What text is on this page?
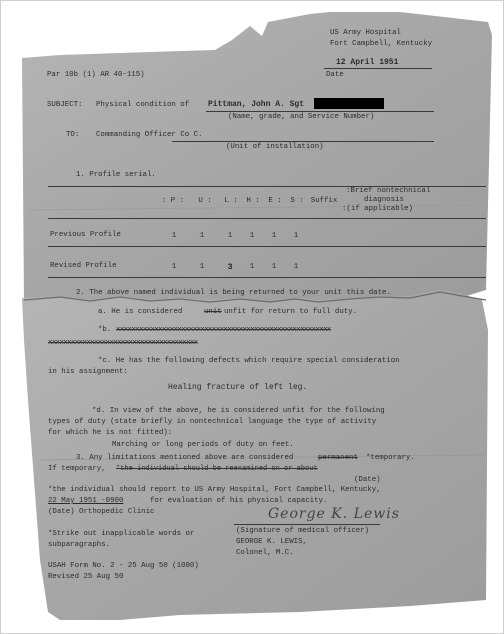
US Army Hospital
Fort Campbell, Kentucky
12 April 1951
Date
Par 10b (1) AR 40-115)
SUBJECT: Physical condition of Pittman, John A. Sgt
(Name, grade, and Service Number)
TO: Commanding Officer Co C.
(Unit of installation)
1. Profile serial.
:Brief nontechnical
diagnosis
:(if applicable)
: P :	U :	L :	H :	E :	S : Suffix
Previous Profile	1	1	1	1	1	1
Revised Profile	1	1	3	1	1	1
2. The above named individual is being returned to your unit this date.
a. He is considered	unit unfit for return to full duty.
*b. xxxxxxxxxxxxxxxxxxxxxxxxxxxxxxxxxxxxxxxxxxxxxxxxxxxxxxxx
xxxxxxxxxxxxxxxxxxxxxxxxxxxxxxxxxxxxxxx
*c. He has the following defects which require special consideration
in his assignment:
Healing fracture of left leg.
*d. In view of the above, he is considered unfit for the following
types of duty (state briefly in nontechnical language the type of activity
for which he is not fitted):
Marching or long periods of duty on feet.
3. Any limitations mentioned above are considered	permanent *temporary.
If temporary, *the individual should be reexamined on or about
(Date)
*the individual should report to US Army Hospital, Fort Campbell, Kentucky,
22 May 1951 -0900	for evaluation of his physical capacity.
(Date) Orthopedic Clinic	George K. Lewis
(Signature of medical officer)
GEORGE K. LEWIS,
Colonel, M.C.
*Strike out inapplicable words or
subparagraphs.
USAH Form No. 2 - 25 Aug 50 (1000)
Revised 25 Aug 50
